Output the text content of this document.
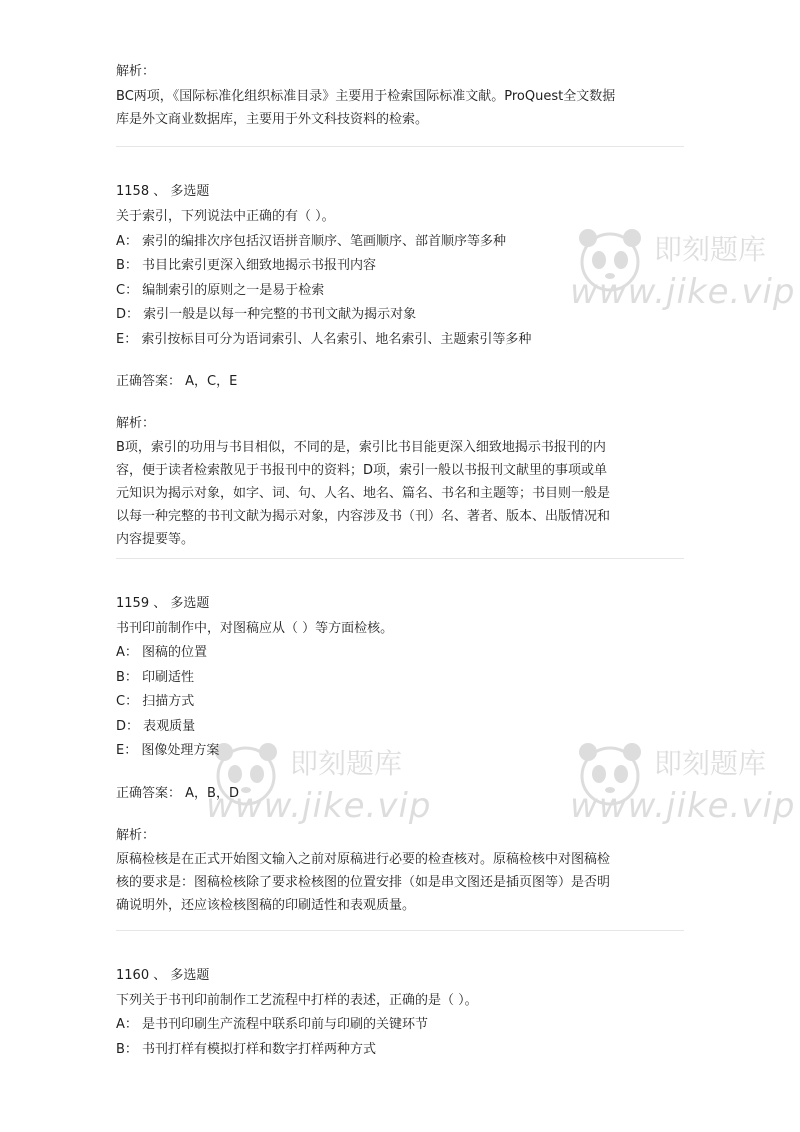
解析：
BC两项，《国际标准化组织标准目录》主要用于检索国际标准文献。ProQuest全文数据
库是外文商业数据库，主要用于外文科技资料的检索。
1158 、 多选题
关于索引，下列说法中正确的有（ ）。
A： 索引的编排次序包括汉语拼音顺序、笔画顺序、部首顺序等多种
B： 书目比索引更深入细致地揭示书报刊内容
C： 编制索引的原则之一是易于检索
D： 索引一般是以每一种完整的书刊文献为揭示对象
E： 索引按标目可分为语词索引、人名索引、地名索引、主题索引等多种
正确答案： A，C，E
解析：
B项，索引的功用与书目相似，不同的是，索引比书目能更深入细致地揭示书报刊的内
容，便于读者检索散见于书报刊中的资料；D项，索引一般以书报刊文献里的事项或单
元知识为揭示对象，如字、词、句、人名、地名、篇名、书名和主题等；书目则一般是
以每一种完整的书刊文献为揭示对象，内容涉及书（刊）名、著者、版本、出版情况和
内容提要等。
1159 、 多选题
书刊印前制作中，对图稿应从（ ）等方面检核。
A： 图稿的位置
B： 印刷适性
C： 扫描方式
D： 表观质量
E： 图像处理方案
正确答案： A，B，D
解析：
原稿检核是在正式开始图文输入之前对原稿进行必要的检查核对。原稿检核中对图稿检
核的要求是：图稿检核除了要求检核图的位置安排（如是串文图还是插页图等）是否明
确说明外，还应该检核图稿的印刷适性和表观质量。
1160 、 多选题
下列关于书刊印前制作工艺流程中打样的表述，正确的是（ ）。
A： 是书刊印刷生产流程中联系印前与印刷的关键环节
B： 书刊打样有模拟打样和数字打样两种方式
即刻题库
www.jike.vip
即刻题库
www.jike.vip
即刻题库
www.jike.vip
